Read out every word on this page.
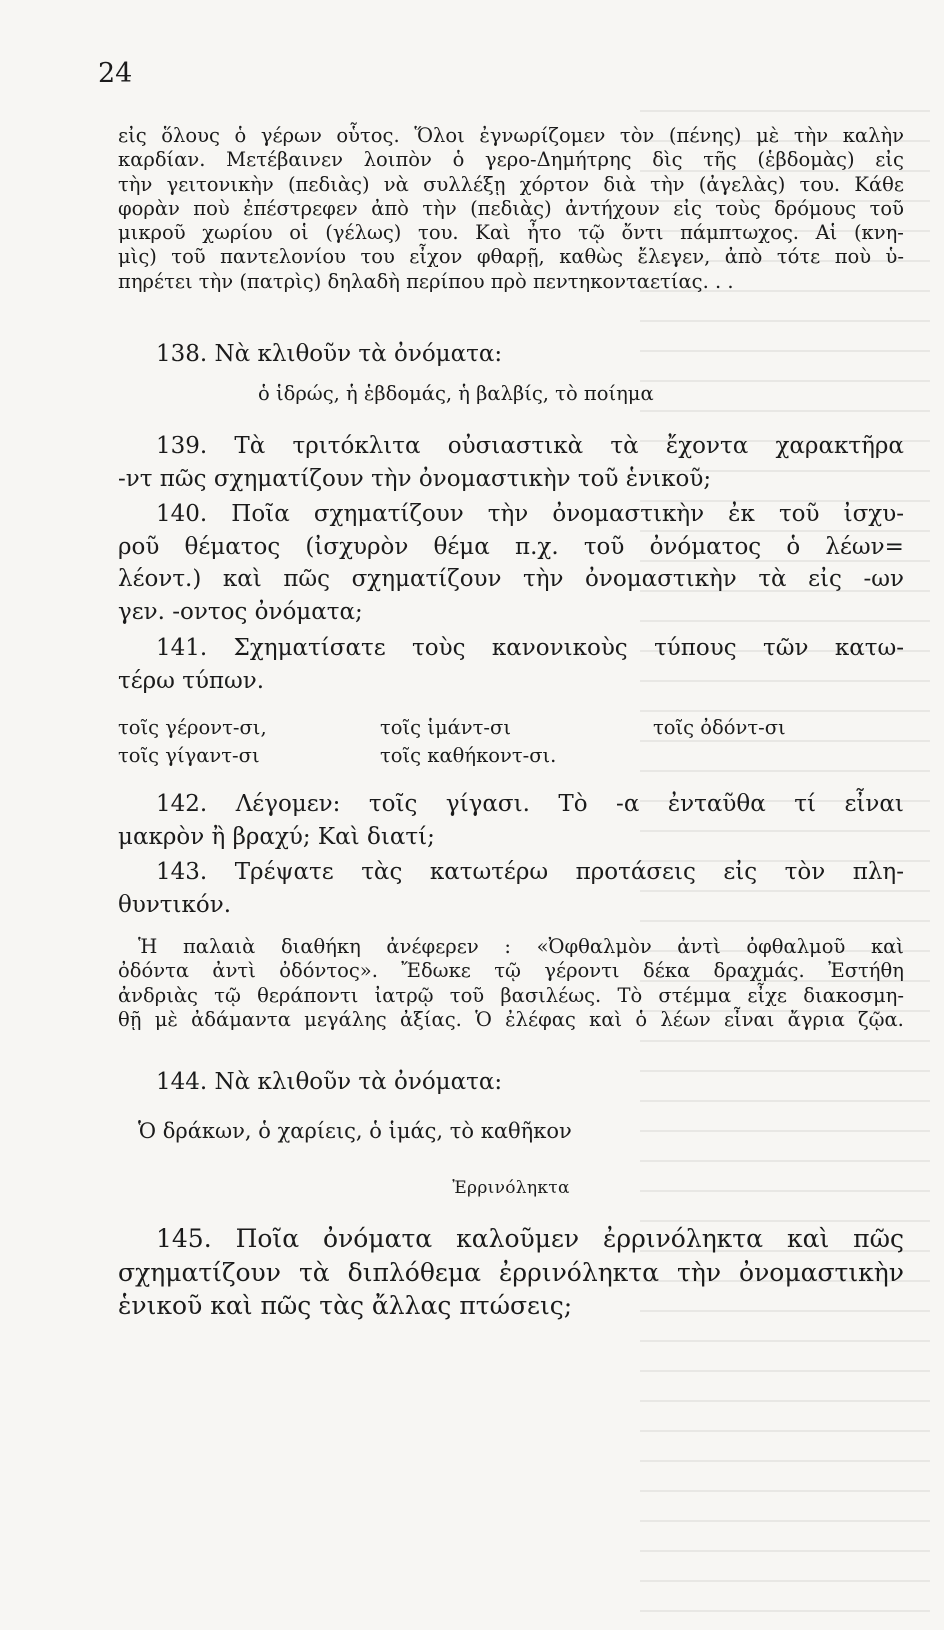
24
εἰς ὅλους ὁ γέρων οὗτος. Ὅλοι ἐγνωρίζομεν τὸν (πένης) μὲ τὴν καλὴν
καρδίαν. Μετέβαινεν λοιπὸν ὁ γερο-Δημήτρης δὶς τῆς (ἑβδομὰς) εἰς
τὴν γειτονικὴν (πεδιὰς) νὰ συλλέξῃ χόρτον διὰ τὴν (ἀγελὰς) του. Κάθε
φορὰν ποὺ ἐπέστρεφεν ἀπὸ τὴν (πεδιὰς) ἀντήχουν εἰς τοὺς δρόμους τοῦ
μικροῦ χωρίου οἱ (γέλως) του. Καὶ ἦτο τῷ ὄντι πάμπτωχος. Αἱ (κνη-
μὶς) τοῦ παντελονίου του εἶχον φθαρῇ, καθὼς ἔλεγεν, ἀπὸ τότε ποὺ ὑ-
πηρέτει τὴν (πατρὶς) δηλαδὴ περίπου πρὸ πεντηκονταετίας. . .
138. Νὰ κλιθοῦν τὰ ὀνόματα:
ὁ ἱδρώς, ἡ ἑβδομάς, ἡ βαλβίς, τὸ ποίημα
139. Τὰ τριτόκλιτα οὐσιαστικὰ τὰ ἔχοντα χαρακτῆρα
-ντ πῶς σχηματίζουν τὴν ὀνομαστικὴν τοῦ ἑνικοῦ;
140. Ποῖα σχηματίζουν τὴν ὀνομαστικὴν ἐκ τοῦ ἰσχυ-
ροῦ θέματος (ἰσχυρὸν θέμα π.χ. τοῦ ὀνόματος ὁ λέων=
λέοντ.) καὶ πῶς σχηματίζουν τὴν ὀνομαστικὴν τὰ εἰς -ων
γεν. -οντος ὀνόματα;
141. Σχηματίσατε τοὺς κανονικοὺς τύπους τῶν κατω-
τέρω τύπων.
τοῖς γέροντ-σι,	τοῖς ἱμάντ-σι	τοῖς ὀδόντ-σι
τοῖς γίγαντ-σι	τοῖς καθήκοντ-σι.
142. Λέγομεν: τοῖς γίγασι. Τὸ -α ἐνταῦθα τί εἶναι
μακρὸν ἢ βραχύ; Καὶ διατί;
143. Τρέψατε τὰς κατωτέρω προτάσεις εἰς τὸν πλη-
θυντικόν.
Ἡ παλαιὰ διαθήκη ἀνέφερεν : «Ὀφθαλμὸν ἀντὶ ὀφθαλμοῦ καὶ
ὀδόντα ἀντὶ ὀδόντος». Ἔδωκε τῷ γέροντι δέκα δραχμάς. Ἐστήθη
ἀνδριὰς τῷ θεράποντι ἰατρῷ τοῦ βασιλέως. Τὸ στέμμα εἶχε διακοσμη-
θῇ μὲ ἀδάμαντα μεγάλης ἀξίας. Ὁ ἐλέφας καὶ ὁ λέων εἶναι ἄγρια ζῷα.
144. Νὰ κλιθοῦν τὰ ὀνόματα:
Ὁ δράκων, ὁ χαρίεις, ὁ ἱμάς, τὸ καθῆκον
Ἐρρινόληκτα
145. Ποῖα ὀνόματα καλοῦμεν ἐρρινόληκτα καὶ πῶς
σχηματίζουν τὰ διπλόθεμα ἐρρινόληκτα τὴν ὀνομαστικὴν
ἑνικοῦ καὶ πῶς τὰς ἄλλας πτώσεις;
